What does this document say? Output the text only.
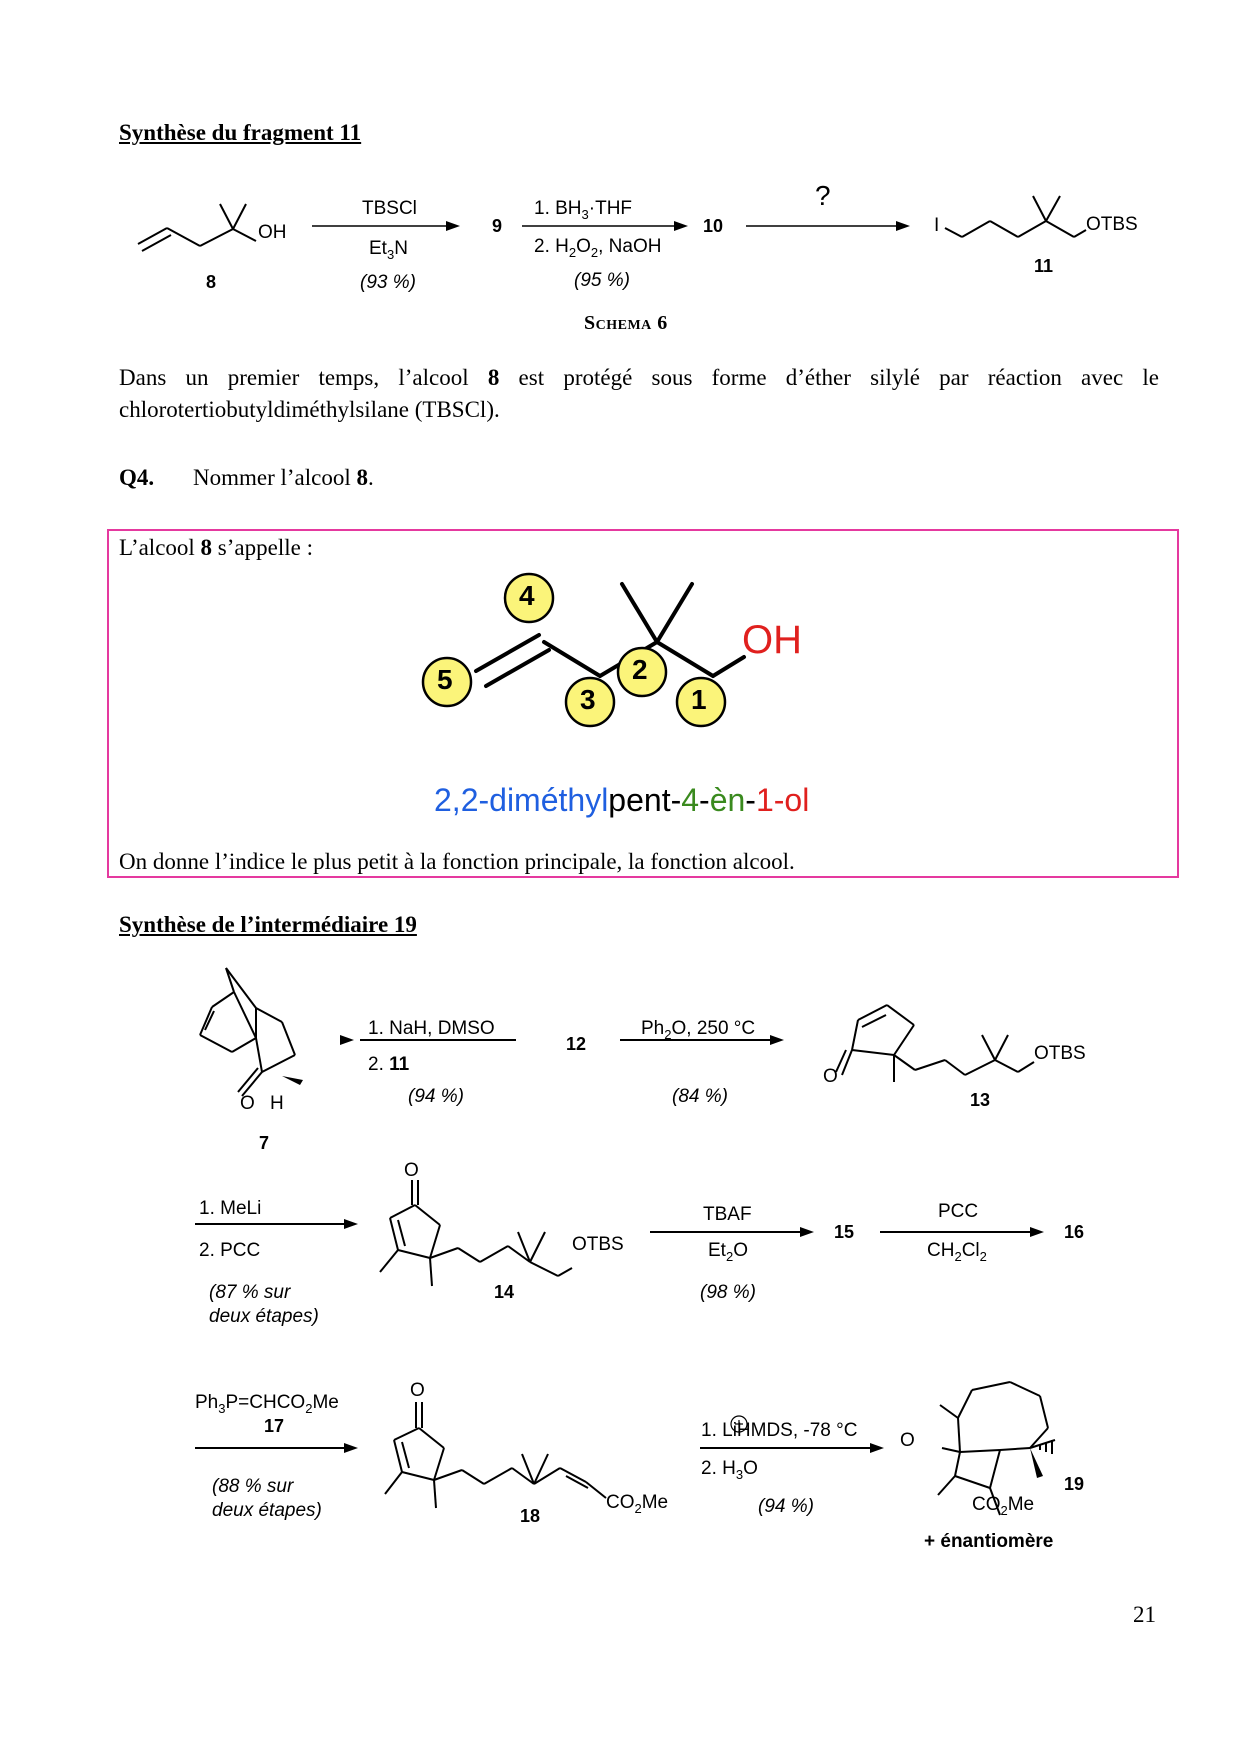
Synthèse du fragment 11
OH
8
TBSCl
$Et_3N$
(93 %)
9
1. $BH_3\cdot THF$
2. $H_2O_2$, NaOH
(95 %)
10
?
I	OTBS
11
Schema 6
Dans un premier temps, l’alcool 8 est protégé sous forme d’éther silylé par réaction avec le chlorotertiobutyldiméthylsilane (TBSCl).
Q4. Nommer l’alcool 8.
L’alcool 8 s’appelle :
4
5	2
3	1
OH
2,2-diméthylpent-4-èn-1-ol
On donne l’indice le plus petit à la fonction principale, la fonction alcool.
Synthèse de l’intermédiaire 19
O H
7
1. NaH, DMSO
2. 11
(94 %)
12
$Ph_2O$, 250 °C
(84 %)
O
OTBS
13
1. MeLi
2. PCC
(87 % sur
deux étapes)
O
OTBS
14
TBAF
$Et_2O$
(98 %)
15
PCC
$CH_2Cl_2$
16
$Ph_3P=CHCO_2Me$
17
(88 % sur
deux étapes)
O
$CO_2Me$
18
1. LiHMDS, -78 °C
2. $H_3O$
(94 %)
O
$CO_2Me$
19
+ énantiomère
21
